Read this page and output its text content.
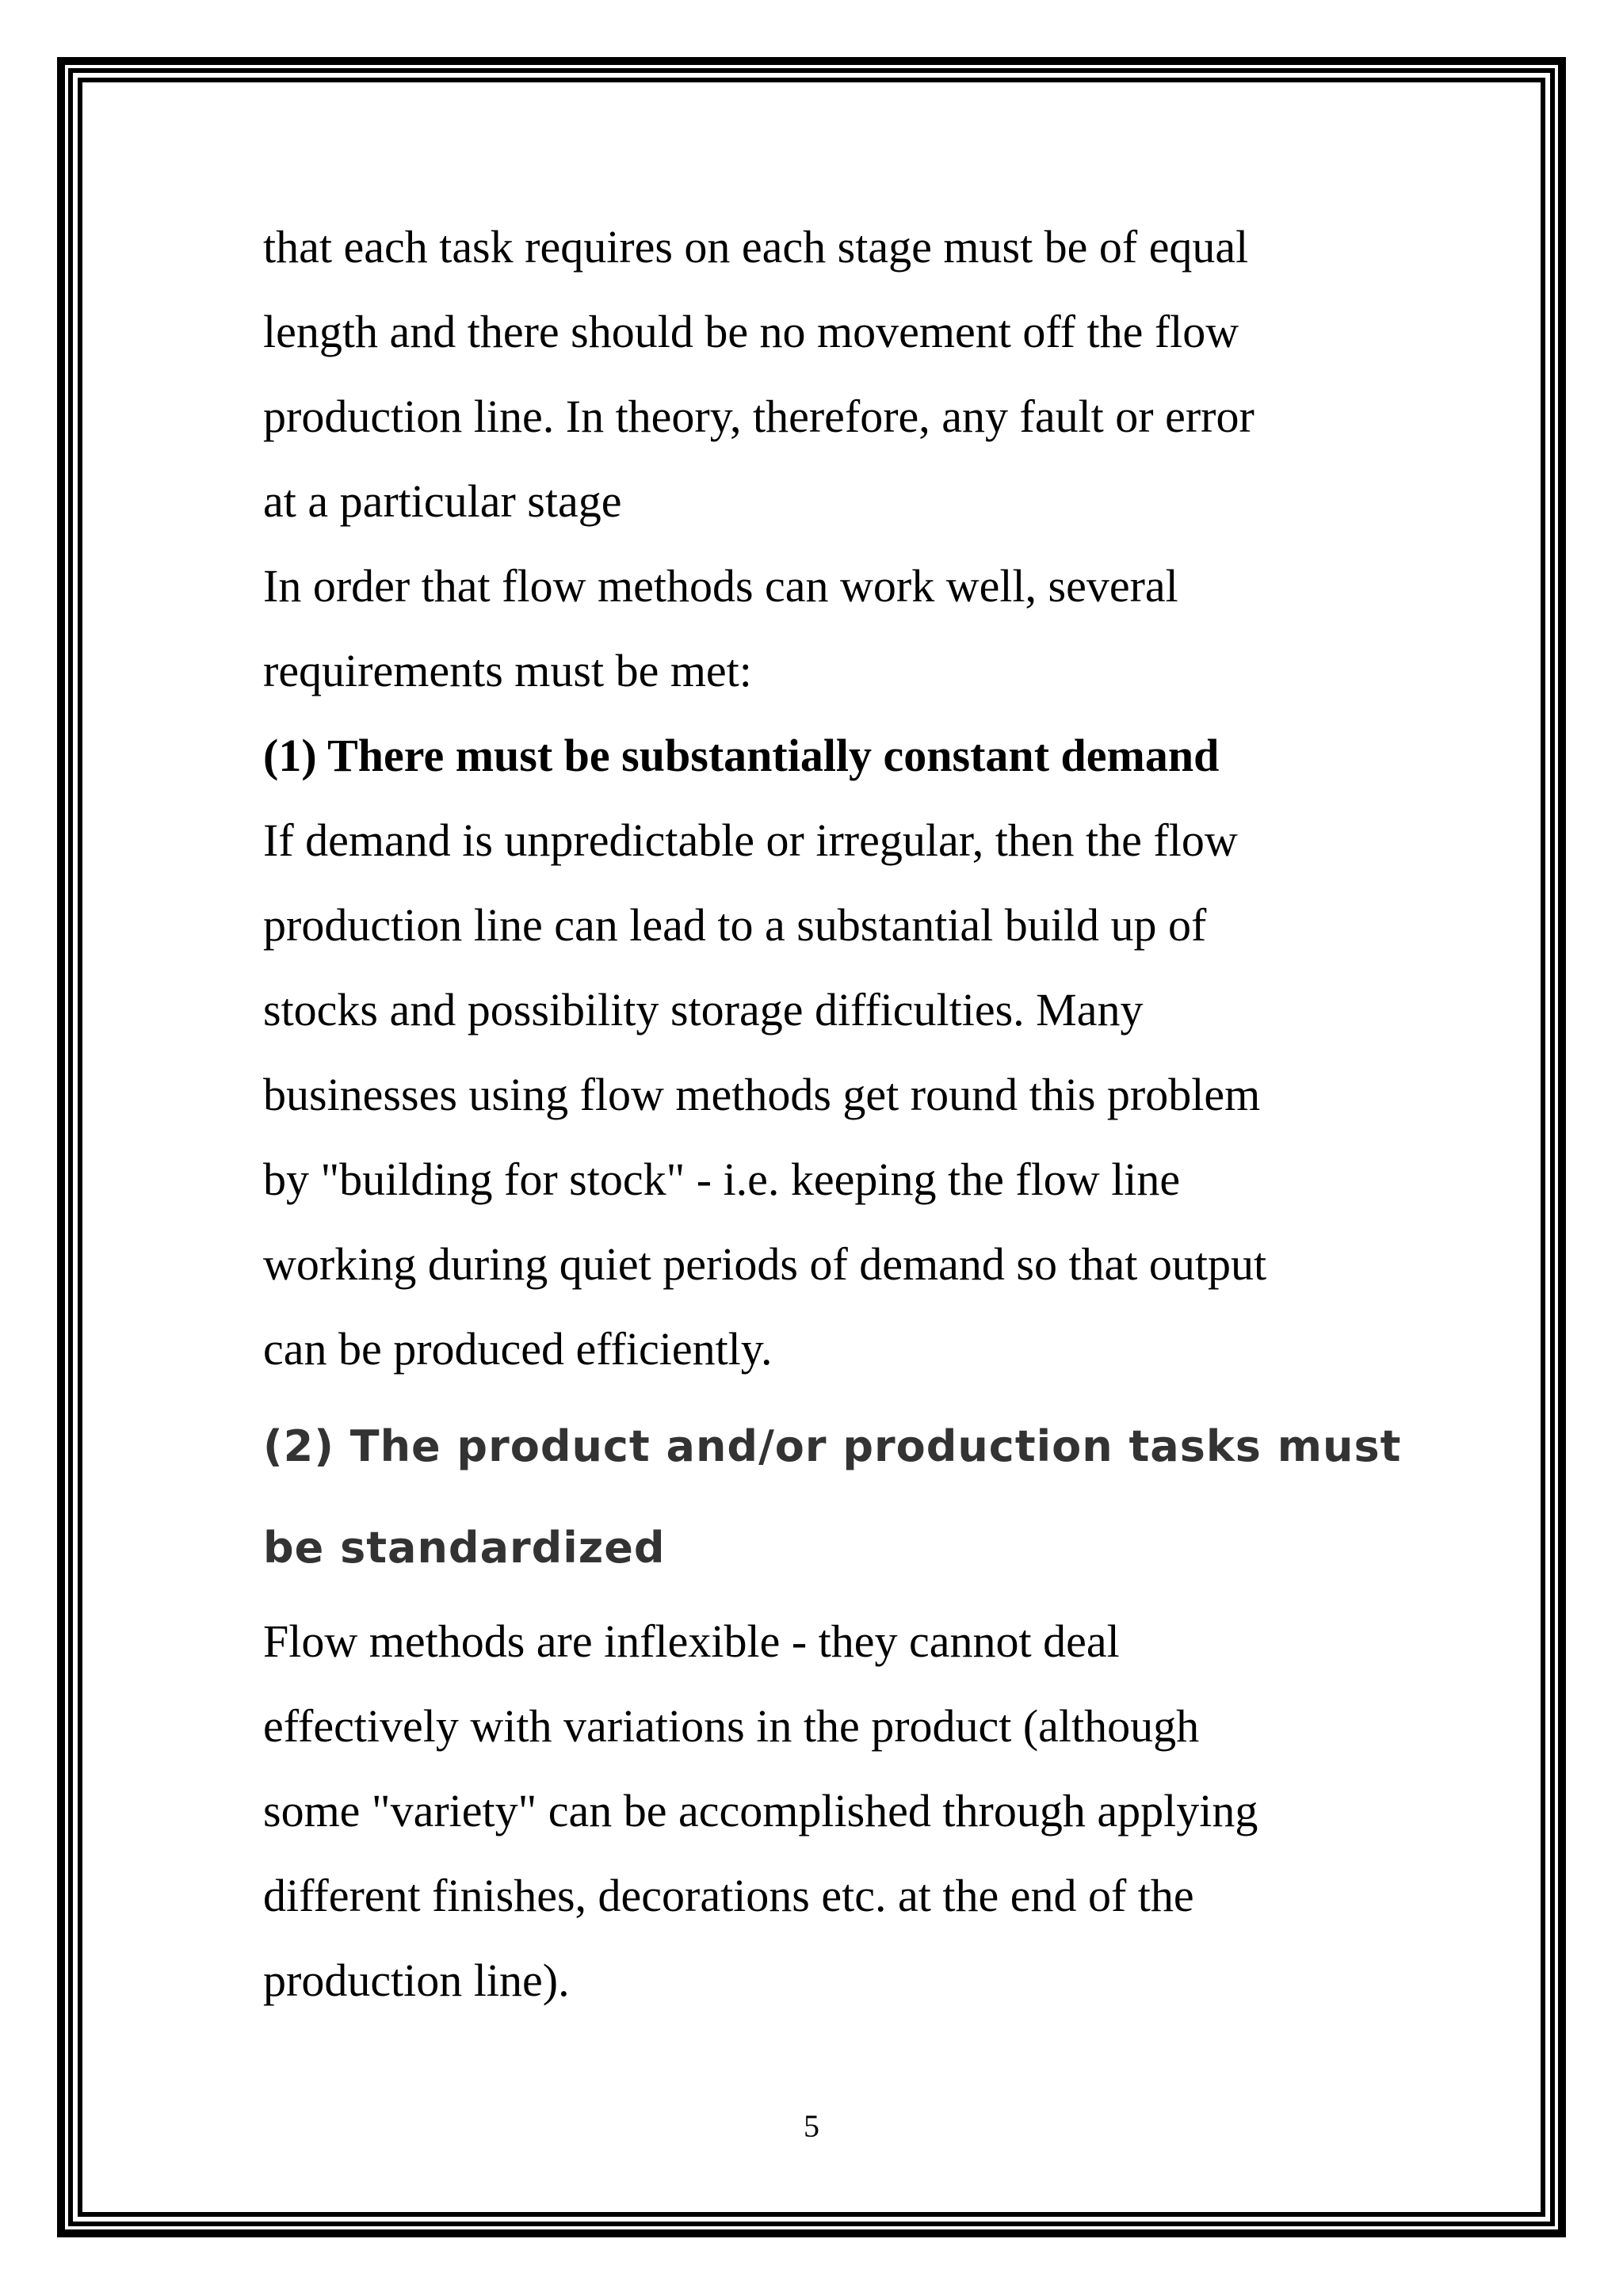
that each task requires on each stage must be of equal
length and there should be no movement off the flow
production line. In theory, therefore, any fault or error
at a particular stage
In order that flow methods can work well, several
requirements must be met:
(1) There must be substantially constant demand
If demand is unpredictable or irregular, then the flow
production line can lead to a substantial build up of
stocks and possibility storage difficulties. Many
businesses using flow methods get round this problem
by "building for stock" - i.e. keeping the flow line
working during quiet periods of demand so that output
can be produced efficiently.
(2) The product and/or production tasks must
be standardized
Flow methods are inflexible - they cannot deal
effectively with variations in the product (although
some "variety" can be accomplished through applying
different finishes, decorations etc. at the end of the
production line).
5
